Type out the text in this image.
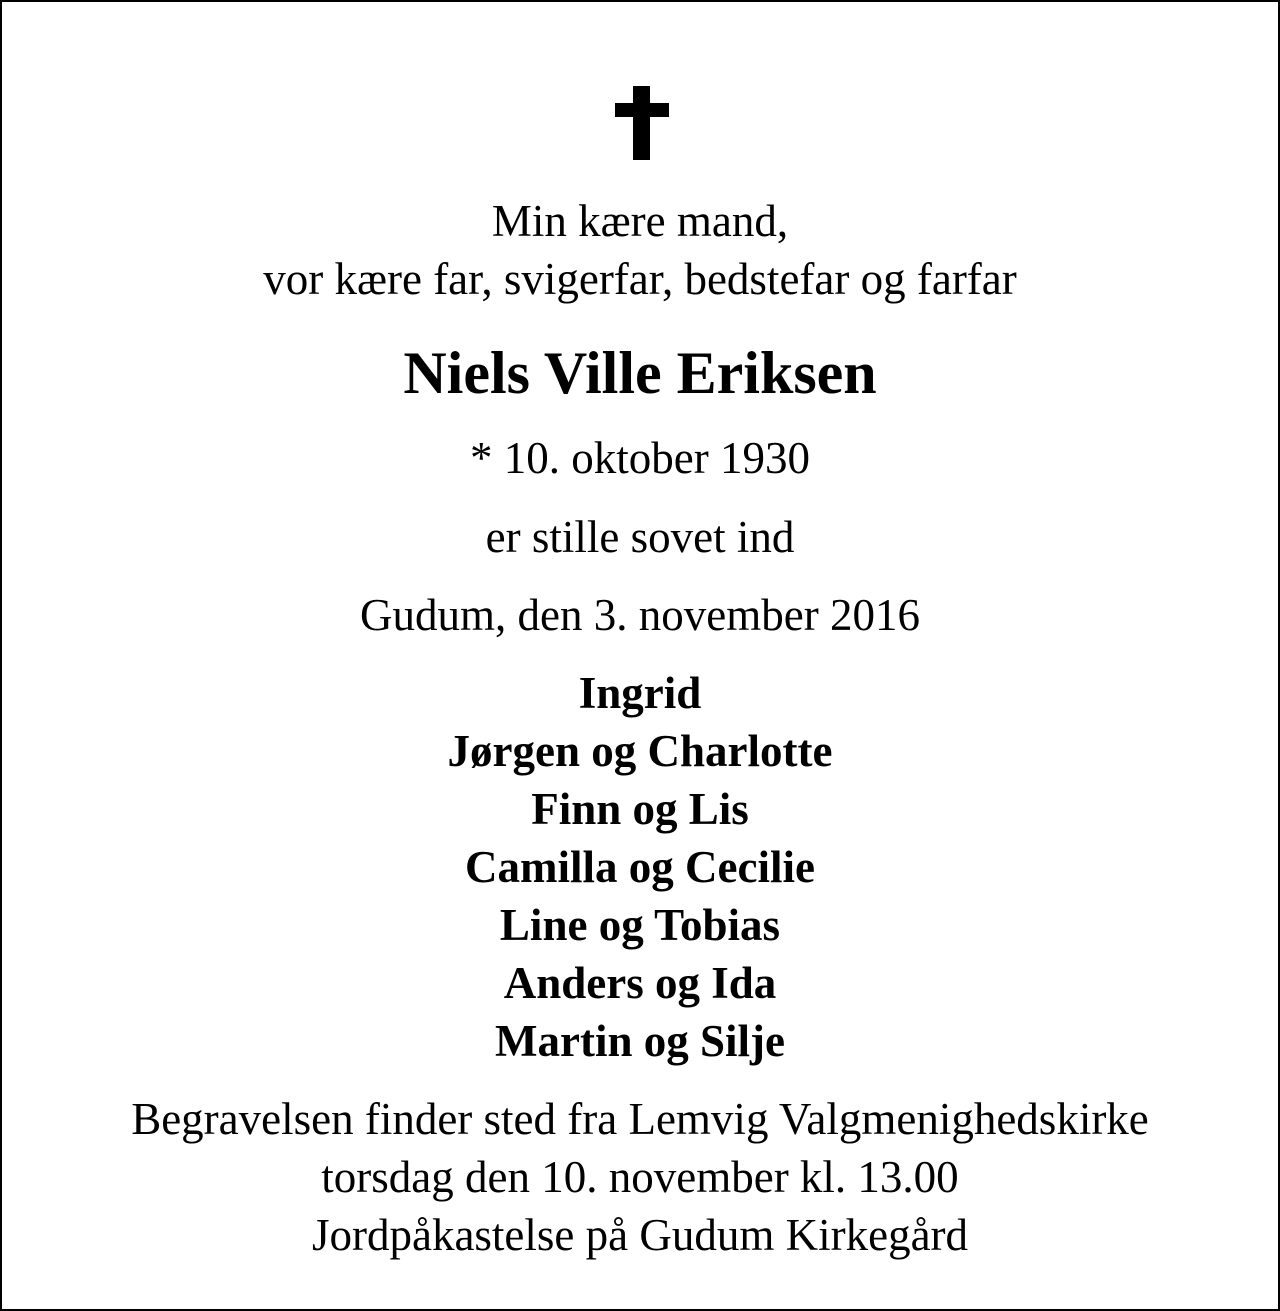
Min kære mand,
vor kære far, svigerfar, bedstefar og farfar
Niels Ville Eriksen
* 10. oktober 1930
er stille sovet ind
Gudum, den 3. november 2016
Ingrid
Jørgen og Charlotte
Finn og Lis
Camilla og Cecilie
Line og Tobias
Anders og Ida
Martin og Silje
Begravelsen finder sted fra Lemvig Valgmenighedskirke
torsdag den 10. november kl. 13.00
Jordpåkastelse på Gudum Kirkegård
